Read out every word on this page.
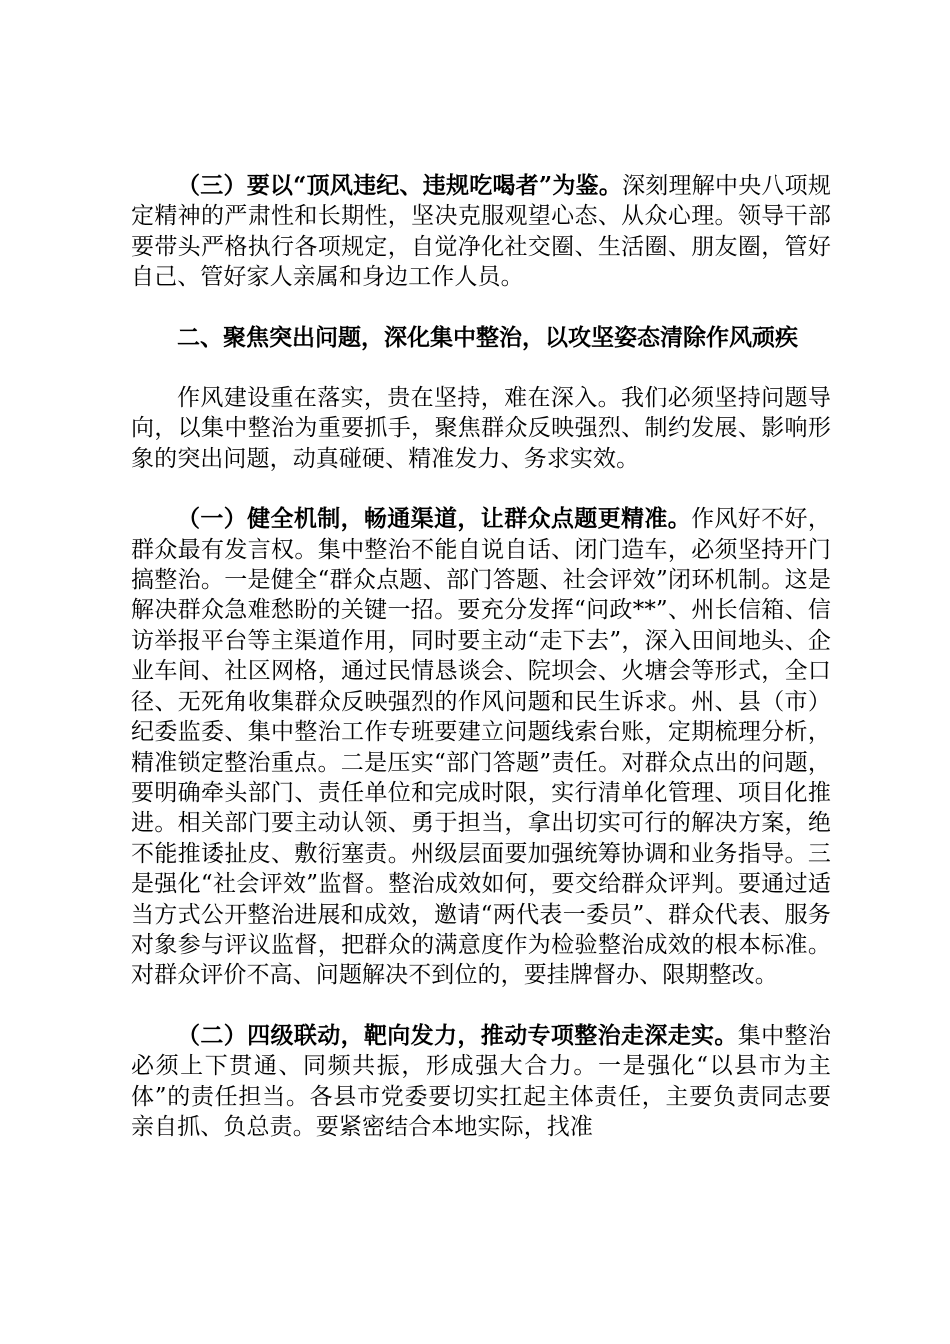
（三）要以“顶风违纪、违规吃喝者”为鉴。深刻理解中央八项规定精神的严肃性和长期性，坚决克服观望心态、从众心理。领导干部要带头严格执行各项规定，自觉净化社交圈、生活圈、朋友圈，管好自己、管好家人亲属和身边工作人员。

二、聚焦突出问题，深化集中整治，以攻坚姿态清除作风顽疾

作风建设重在落实，贵在坚持，难在深入。我们必须坚持问题导向，以集中整治为重要抓手，聚焦群众反映强烈、制约发展、影响形象的突出问题，动真碰硬、精准发力、务求实效。

（一）健全机制，畅通渠道，让群众点题更精准。作风好不好，群众最有发言权。集中整治不能自说自话、闭门造车，必须坚持开门搞整治。一是健全“群众点题、部门答题、社会评效”闭环机制。这是解决群众急难愁盼的关键一招。要充分发挥“问政**”、州长信箱、信访举报平台等主渠道作用，同时要主动“走下去”，深入田间地头、企业车间、社区网格，通过民情恳谈会、院坝会、火塘会等形式，全口径、无死角收集群众反映强烈的作风问题和民生诉求。州、县（市）纪委监委、集中整治工作专班要建立问题线索台账，定期梳理分析，精准锁定整治重点。二是压实“部门答题”责任。对群众点出的问题，要明确牵头部门、责任单位和完成时限，实行清单化管理、项目化推进。相关部门要主动认领、勇于担当，拿出切实可行的解决方案，绝不能推诿扯皮、敷衍塞责。州级层面要加强统筹协调和业务指导。三是强化“社会评效”监督。整治成效如何，要交给群众评判。要通过适当方式公开整治进展和成效，邀请“两代表一委员”、群众代表、服务对象参与评议监督，把群众的满意度作为检验整治成效的根本标准。对群众评价不高、问题解决不到位的，要挂牌督办、限期整改。

（二）四级联动，靶向发力，推动专项整治走深走实。集中整治必须上下贯通、同频共振，形成强大合力。一是强化“以县市为主体”的责任担当。各县市党委要切实扛起主体责任，主要负责同志要亲自抓、负总责。要紧密结合本地实际，找准
